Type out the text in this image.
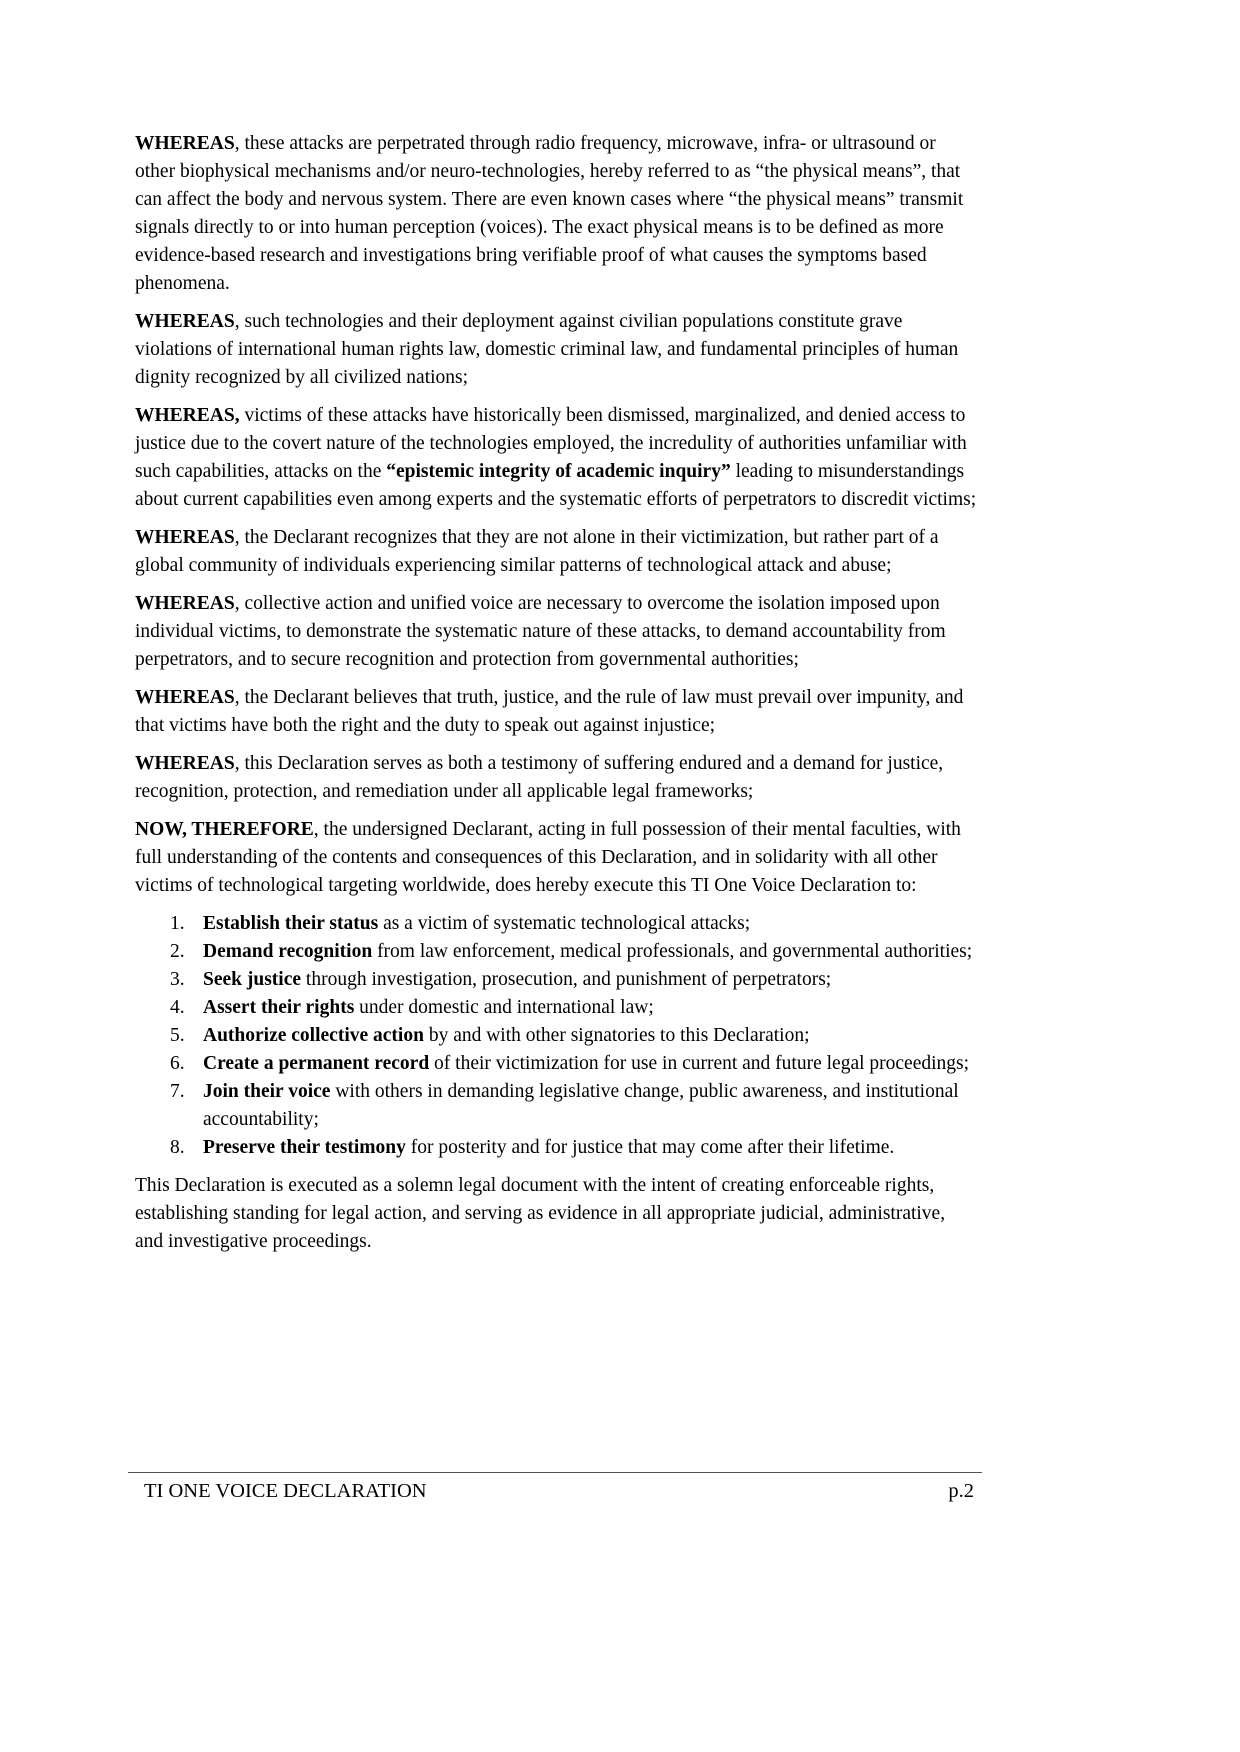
WHEREAS, these attacks are perpetrated through radio frequency, microwave, infra- or ultrasound or other biophysical mechanisms and/or neuro-technologies, hereby referred to as “the physical means”, that can affect the body and nervous system. There are even known cases where “the physical means” transmit signals directly to or into human perception (voices). The exact physical means is to be defined as more evidence-based research and investigations bring verifiable proof of what causes the symptoms based phenomena.

WHEREAS, such technologies and their deployment against civilian populations constitute grave violations of international human rights law, domestic criminal law, and fundamental principles of human dignity recognized by all civilized nations;

WHEREAS, victims of these attacks have historically been dismissed, marginalized, and denied access to justice due to the covert nature of the technologies employed, the incredulity of authorities unfamiliar with such capabilities, attacks on the “epistemic integrity of academic inquiry” leading to misunderstandings about current capabilities even among experts and the systematic efforts of perpetrators to discredit victims;

WHEREAS, the Declarant recognizes that they are not alone in their victimization, but rather part of a global community of individuals experiencing similar patterns of technological attack and abuse;

WHEREAS, collective action and unified voice are necessary to overcome the isolation imposed upon individual victims, to demonstrate the systematic nature of these attacks, to demand accountability from perpetrators, and to secure recognition and protection from governmental authorities;

WHEREAS, the Declarant believes that truth, justice, and the rule of law must prevail over impunity, and that victims have both the right and the duty to speak out against injustice;

WHEREAS, this Declaration serves as both a testimony of suffering endured and a demand for justice, recognition, protection, and remediation under all applicable legal frameworks;

NOW, THEREFORE, the undersigned Declarant, acting in full possession of their mental faculties, with full understanding of the contents and consequences of this Declaration, and in solidarity with all other victims of technological targeting worldwide, does hereby execute this TI One Voice Declaration to:

1. Establish their status as a victim of systematic technological attacks;
2. Demand recognition from law enforcement, medical professionals, and governmental authorities;
3. Seek justice through investigation, prosecution, and punishment of perpetrators;
4. Assert their rights under domestic and international law;
5. Authorize collective action by and with other signatories to this Declaration;
6. Create a permanent record of their victimization for use in current and future legal proceedings;
7. Join their voice with others in demanding legislative change, public awareness, and institutional accountability;
8. Preserve their testimony for posterity and for justice that may come after their lifetime.

This Declaration is executed as a solemn legal document with the intent of creating enforceable rights, establishing standing for legal action, and serving as evidence in all appropriate judicial, administrative, and investigative proceedings.

TI ONE VOICE DECLARATION	p.2
